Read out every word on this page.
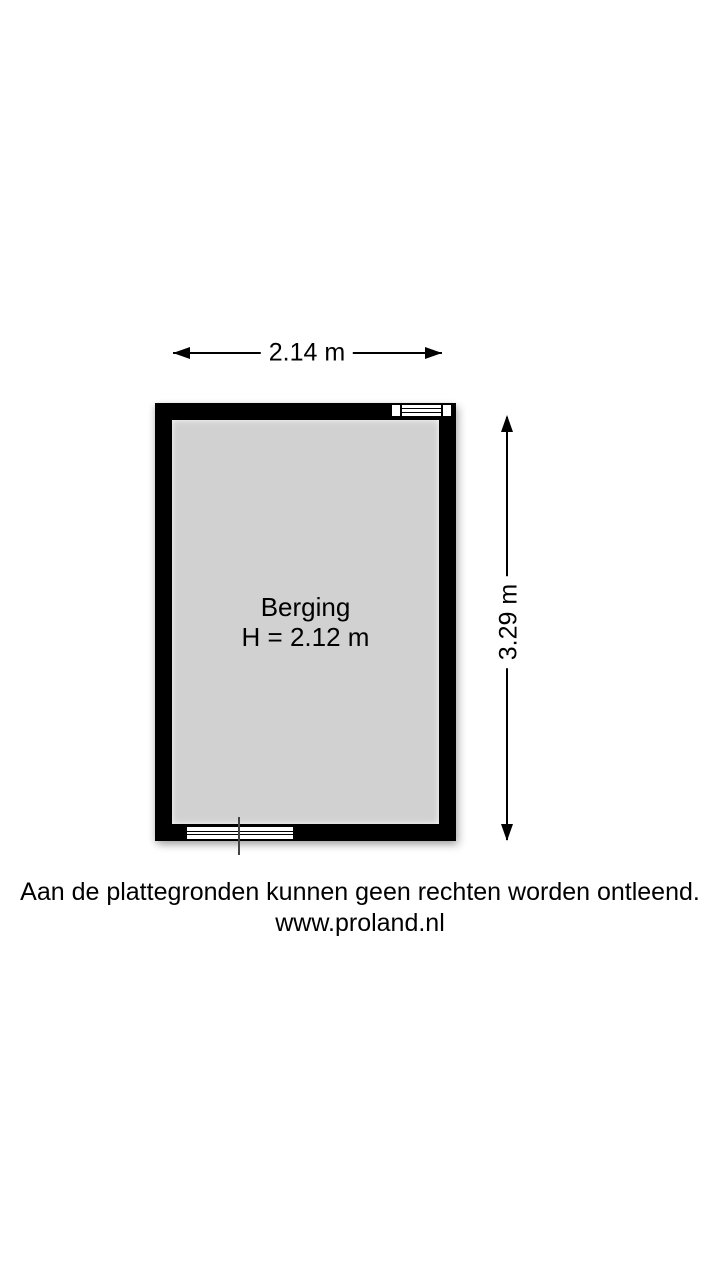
2.14 m
Berging
H = 2.12 m	3.29 m
Aan de plattegronden kunnen geen rechten worden ontleend.
www.proland.nl
